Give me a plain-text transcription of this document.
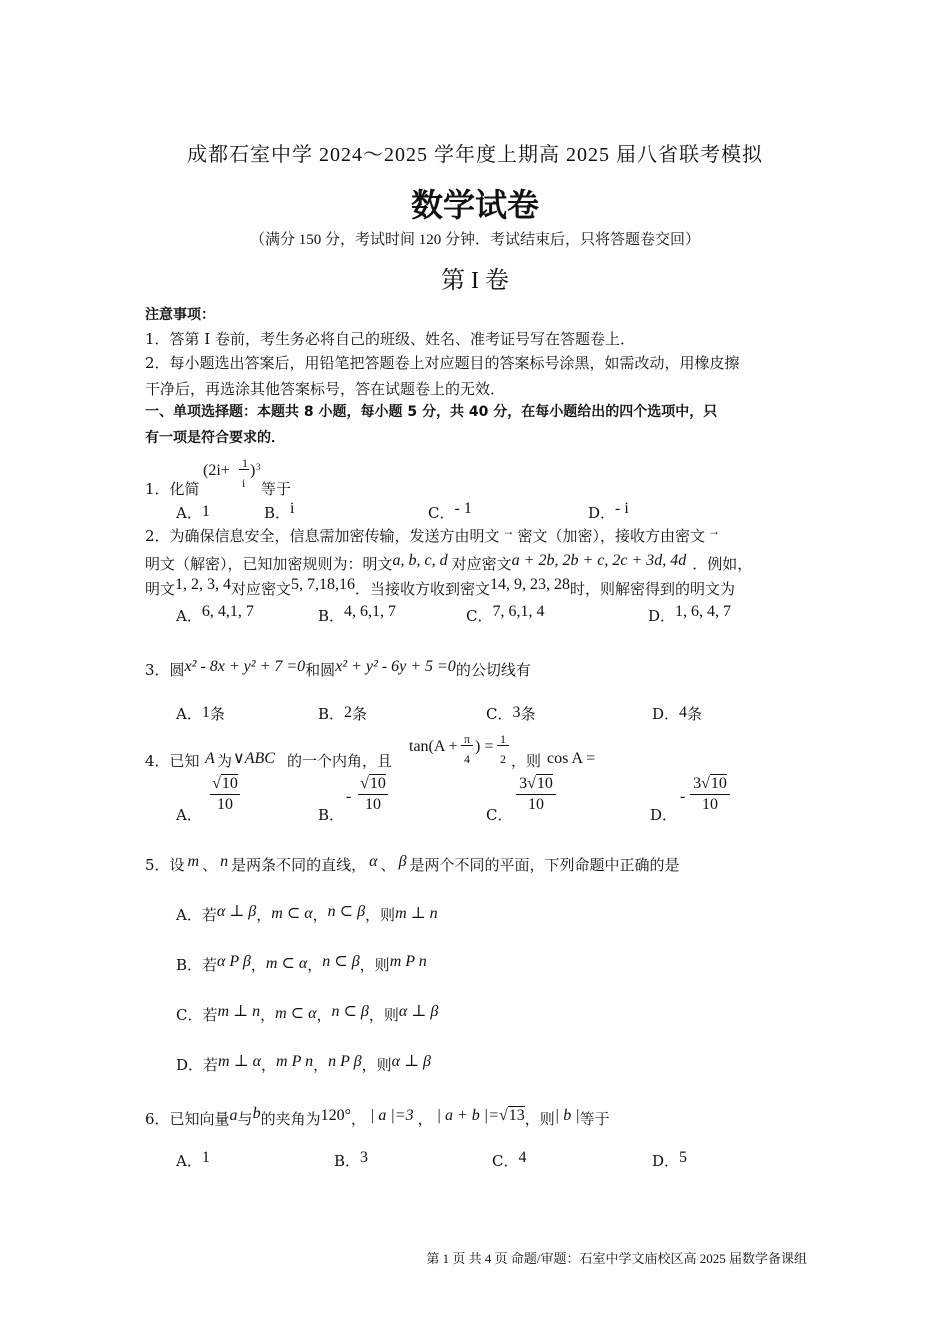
成都石室中学 2024～2025 学年度上期高 2025 届八省联考模拟
数学试卷
（满分 150 分，考试时间 120 分钟．考试结束后，只将答题卷交回）
第 I 卷
注意事项：
1．答第 I 卷前，考生务必将自己的班级、姓名、准考证号写在答题卷上．
2．每小题选出答案后，用铅笔把答题卷上对应题目的答案标号涂黑，如需改动，用橡皮擦
干净后，再选涂其他答案标号，答在试题卷上的无效．
一、单项选择题：本题共 8 小题，每小题 5 分，共 40 分，在每小题给出的四个选项中，只
有一项是符合要求的．
1．化简
(2i+ 1
i
) 3
等于
A．1	B．i	C．- 1	D．- i
2．为确保信息安全，信息需加密传输，发送方由明文 → 密文（加密），接收方由密文 →
明文（解密），已知加密规则为：明文a, b, c, d 对应密文a + 2b, 2b + c, 2c + 3d, 4d ．例如，
明文1, 2, 3, 4对应密文5, 7,18,16．当接收方收到密文14, 9, 23, 28时，则解密得到的明文为
A．6, 4,1, 7	B．4, 6,1, 7	C．7, 6,1, 4	D．1, 6, 4, 7
3．圆x² - 8x + y² + 7 =0和圆x² + y² - 6y + 5 =0的公切线有
A．1条	B．2条	C．3条	D．4条
4．已知 A 为 ∨ABC 的一个内角，且
tan(A + π
4
) = 1
2 ，则 cos A =
A．
√10
10
B．
-
√10
10
C．
3√10
10
D．
-
3√10
10
5．设 m 、 n 是两条不同的直线， α 、 β 是两个不同的平面，下列命题中正确的是
A．若α ⊥ β，m ⊂ α，n ⊂ β，则m ⊥ n
B．若α P β，m ⊂ α，n ⊂ β，则m P n
C．若m ⊥ n，m ⊂ α，n ⊂ β，则α ⊥ β
D．若m ⊥ α，m P n，n P β，则α ⊥ β
6．已知向量a与b的夹角为120°， | a |=3 ， | a + b |=√13，则| b |等于
A．1	B．3	C．4	D．5
第 1 页 共 4 页 命题/审题：石室中学文庙校区高 2025 届数学备课组
